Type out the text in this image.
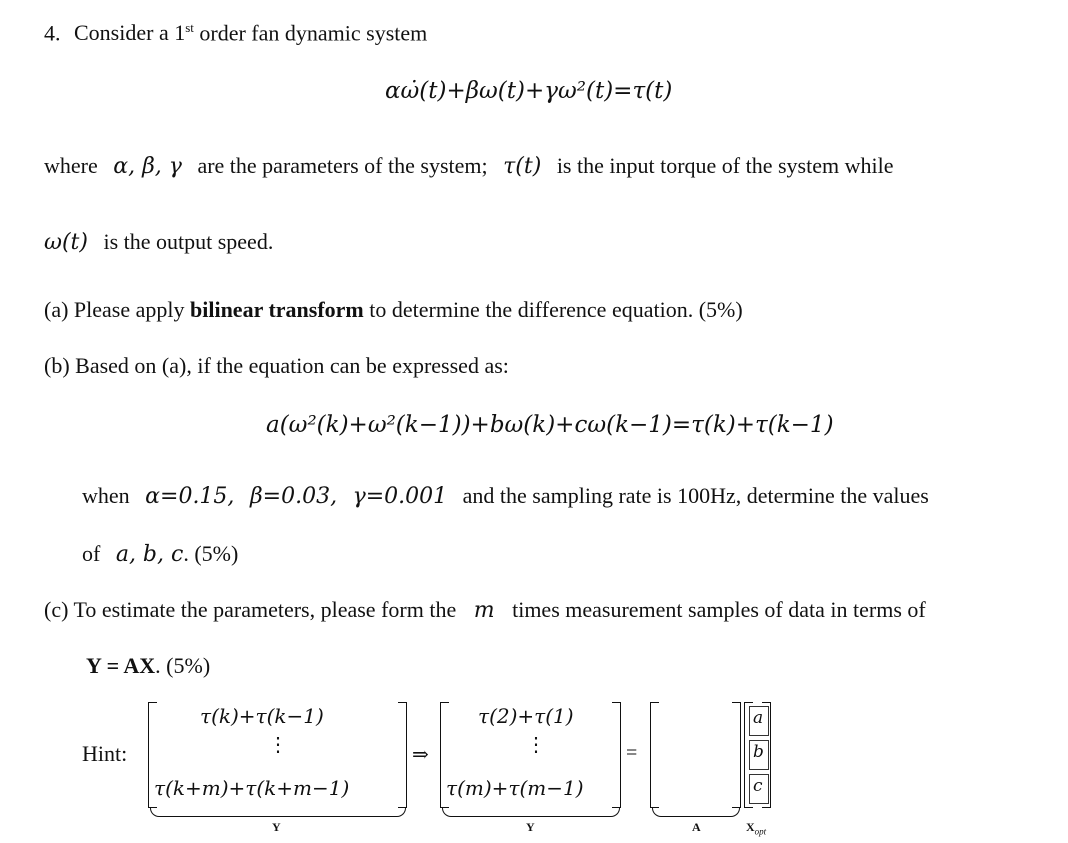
4. Consider a 1st order fan dynamic system
αω̇(t)+βω(t)+γω²(t)=τ(t)
where α, β, γ are the parameters of the system; τ(t) is the input torque of the system while
ω(t) is the output speed.
(a) Please apply bilinear transform to determine the difference equation. (5%)
(b) Based on (a), if the equation can be expressed as:
a(ω²(k)+ω²(k−1))+bω(k)+cω(k−1)=τ(k)+τ(k−1)
when α=0.15, β=0.03, γ=0.001 and the sampling rate is 100Hz, determine the values
of a, b, c. (5%)
(c) To estimate the parameters, please form the m times measurement samples of data in terms of
Y = AX. (5%)
Hint:
τ(k)+τ(k−1)
⋮
τ(k+m)+τ(k+m−1)
Y
⇒
τ(2)+τ(1)
⋮
τ(m)+τ(m−1)
Y
=
A
a
b
c
$X_{opt}$
